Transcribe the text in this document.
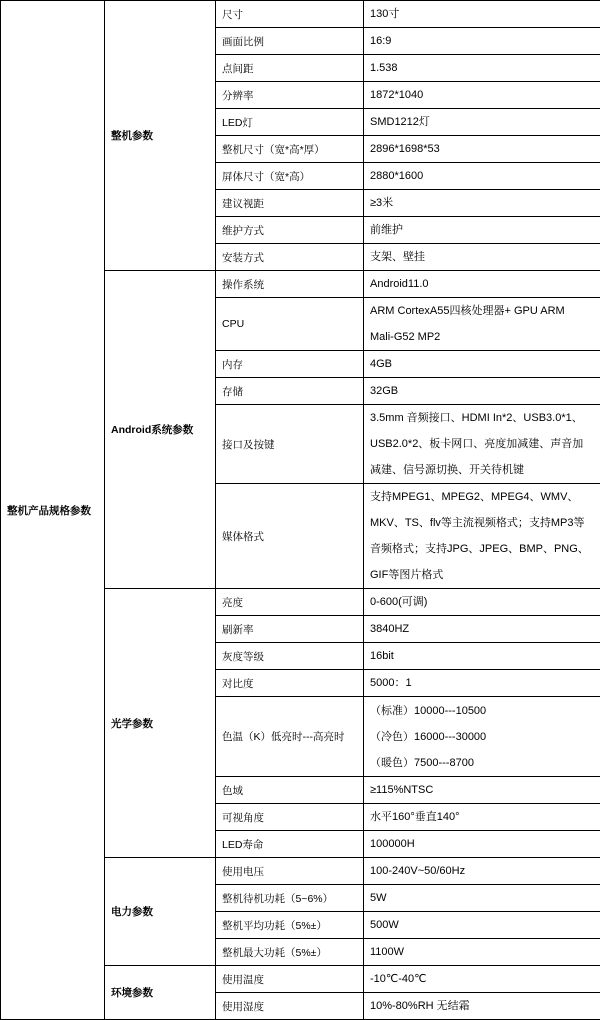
整机产品规格参数	整机参数	尺寸	130寸

		画面比例	16:9

		点间距	1.538

		分辨率	1872*1040

		LED灯	SMD1212灯

		整机尺寸（宽*高*厚）	2896*1698*53

		屏体尺寸（宽*高）	2880*1600

		建议视距	≥3米

		维护方式	前维护

		安装方式	支架、壁挂

	Android系统参数	操作系统	Android11.0

		CPU	ARM CortexA55四核处理器+ GPU ARM
Mali-G52 MP2

		内存	4GB

		存储	32GB

		接口及按键	3.5mm 音频接口、HDMI In*2、USB3.0*1、
USB2.0*2、板卡网口、亮度加减建、声音加
减建、信号源切换、开关待机键

		媒体格式	支持MPEG1、MPEG2、MPEG4、WMV、
MKV、TS、flv等主流视频格式；支持MP3等
音频格式；支持JPG、JPEG、BMP、PNG、
GIF等图片格式

	光学参数	亮度	0-600(可调)

		刷新率	3840HZ

		灰度等级	16bit

		对比度	5000：1

		色温（K）低亮时---高亮时	（标准）10000---10500
（冷色）16000---30000
（暖色）7500---8700

		色域	≥115%NTSC

		可视角度	水平160°垂直140°

		LED寿命	100000H

	电力参数	使用电压	100-240V~50/60Hz

		整机待机功耗（5~6%）	5W

		整机平均功耗（5%±）	500W

		整机最大功耗（5%±）	1100W

	环境参数	使用温度	-10℃-40℃

		使用湿度	10%-80%RH 无结霜
